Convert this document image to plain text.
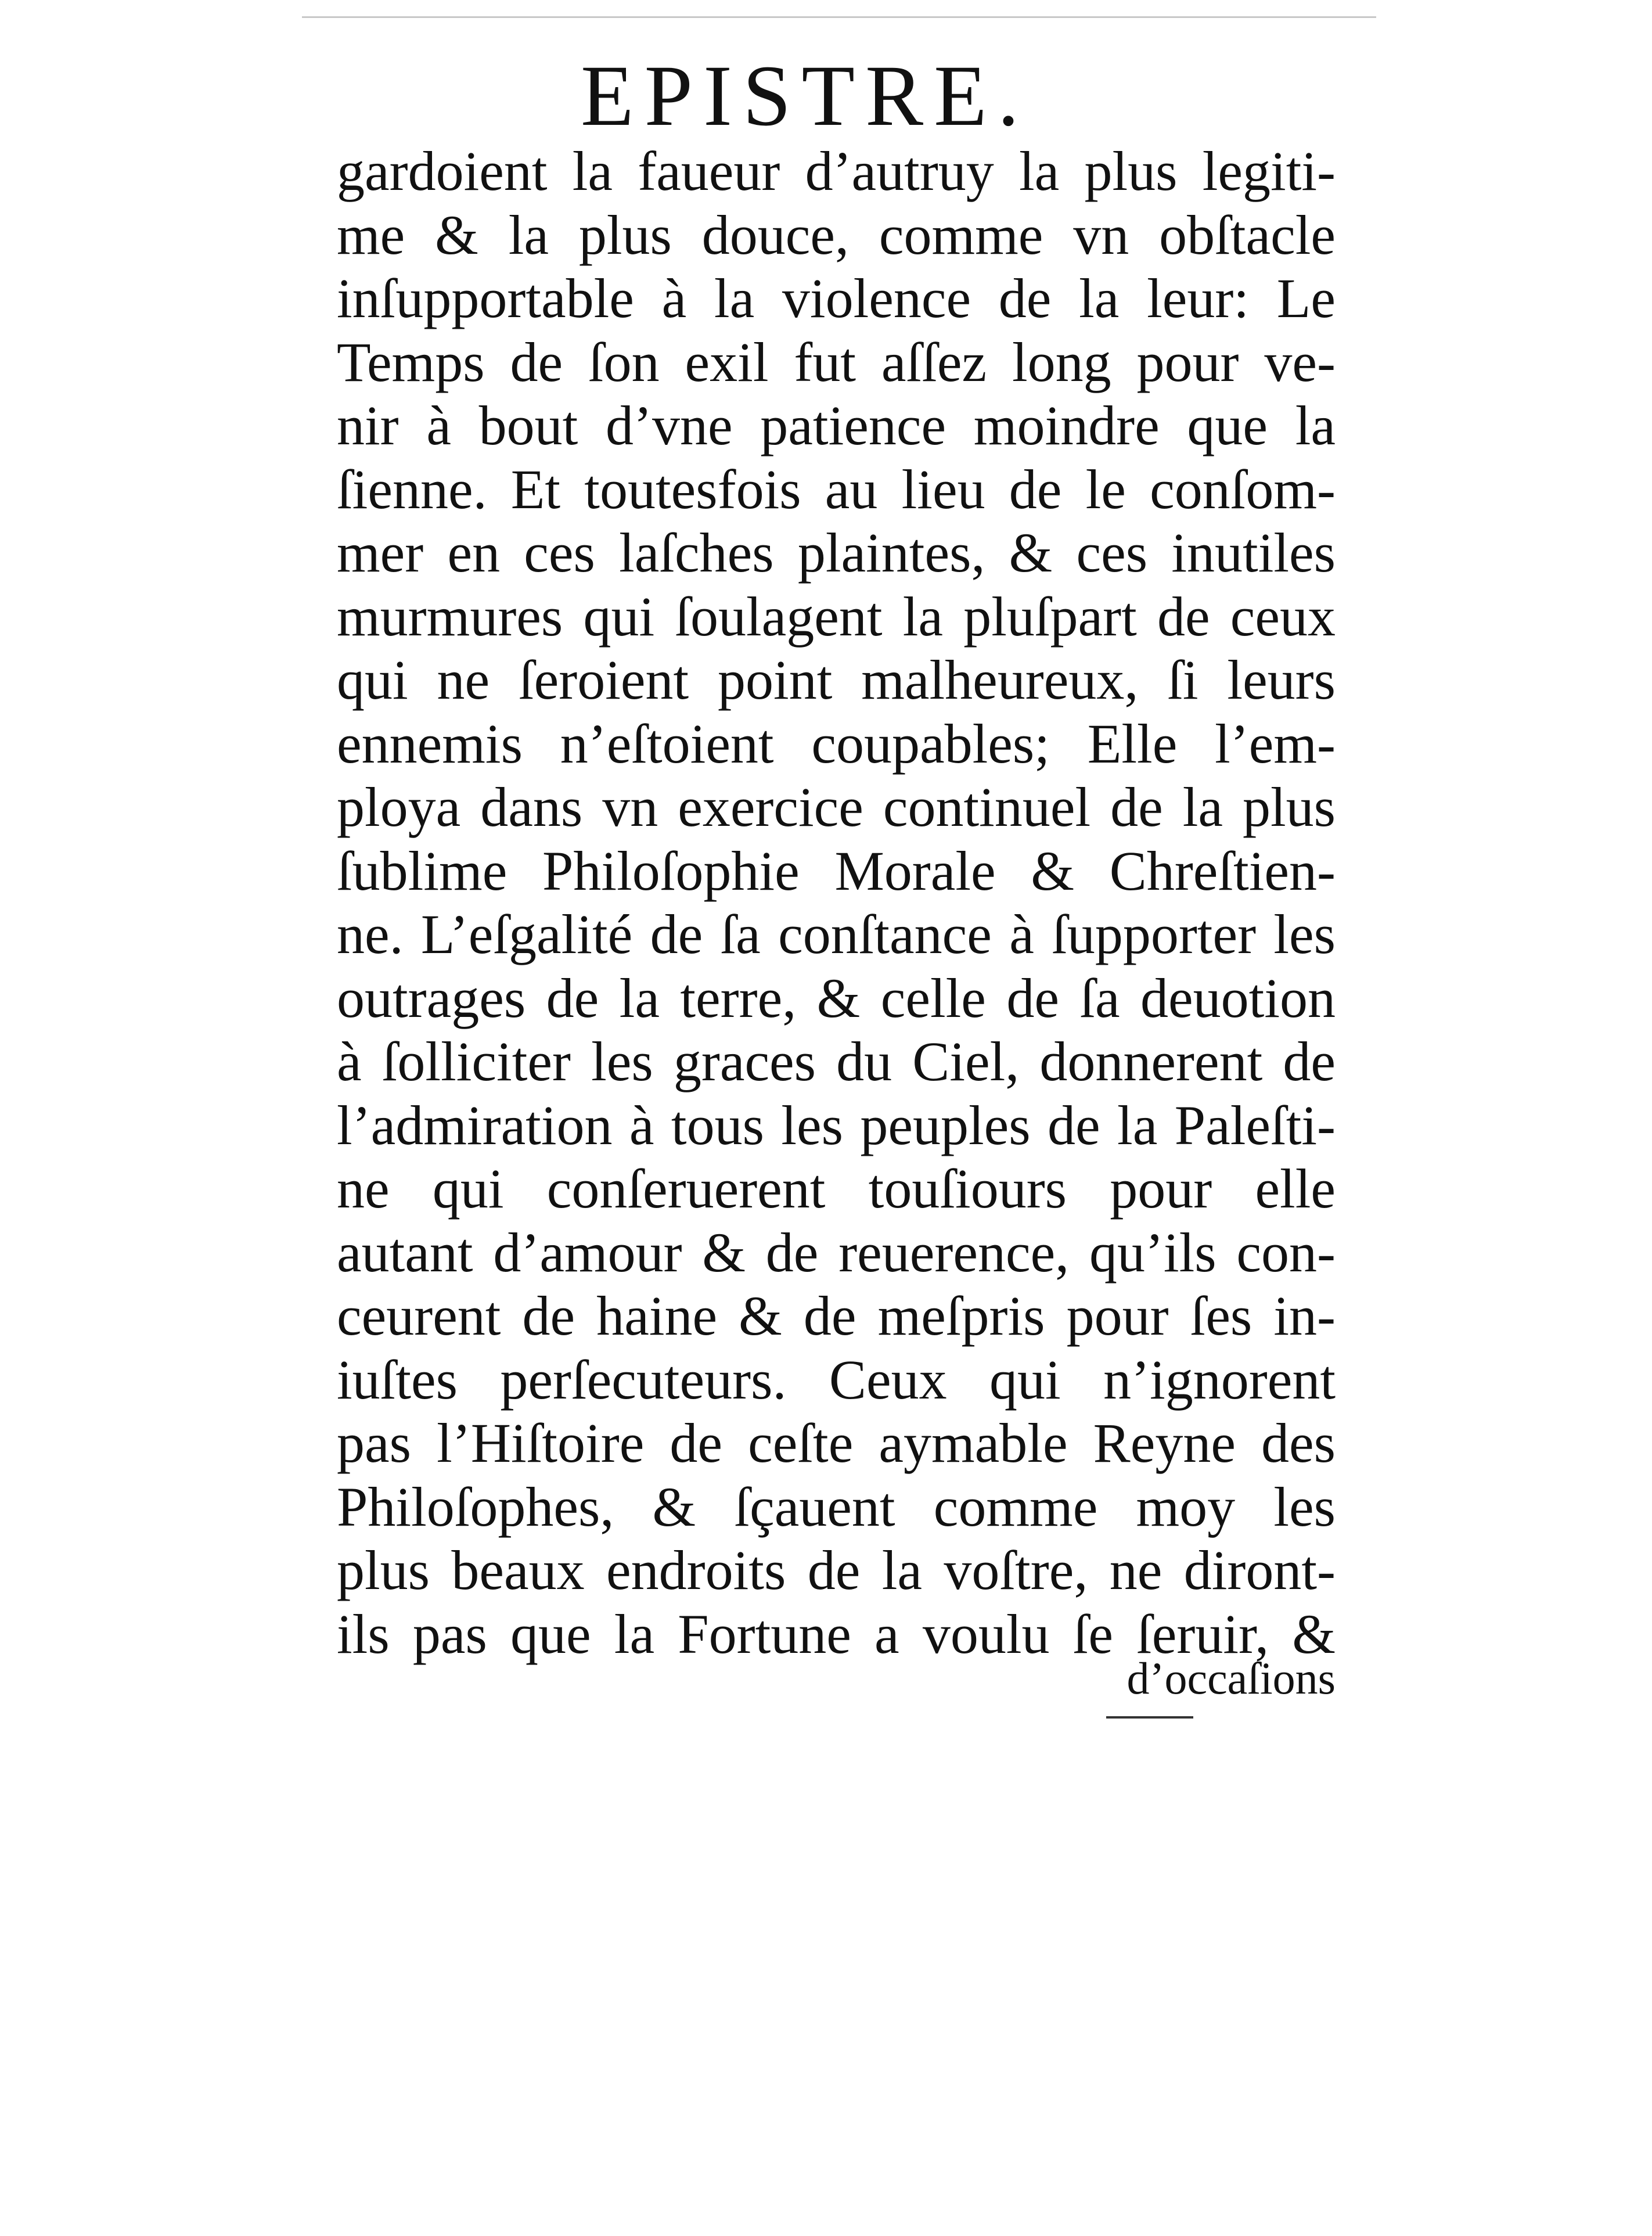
EPISTRE.
gardoient la faueur d’autruy la plus legiti-
me & la plus douce, comme vn obſtacle
inſupportable à la violence de la leur: Le
Temps de ſon exil fut aſſez long pour ve-
nir à bout d’vne patience moindre que la
ſienne. Et toutesfois au lieu de le conſom-
mer en ces laſches plaintes, & ces inutiles
murmures qui ſoulagent la pluſpart de ceux
qui ne ſeroient point malheureux, ſi leurs
ennemis n’eſtoient coupables; Elle l’em-
ploya dans vn exercice continuel de la plus
ſublime Philoſophie Morale & Chreſtien-
ne. L’eſgalité de ſa conſtance à ſupporter les
outrages de la terre, & celle de ſa deuotion
à ſolliciter les graces du Ciel, donnerent de
l’admiration à tous les peuples de la Paleſti-
ne qui conſeruerent touſiours pour elle
autant d’amour & de reuerence, qu’ils con-
ceurent de haine & de meſpris pour ſes in-
iuſtes perſecuteurs. Ceux qui n’ignorent
pas l’Hiſtoire de ceſte aymable Reyne des
Philoſophes, & ſçauent comme moy les
plus beaux endroits de la voſtre, ne diront-
ils pas que la Fortune a voulu ſe ſeruir, &
d’occaſions
